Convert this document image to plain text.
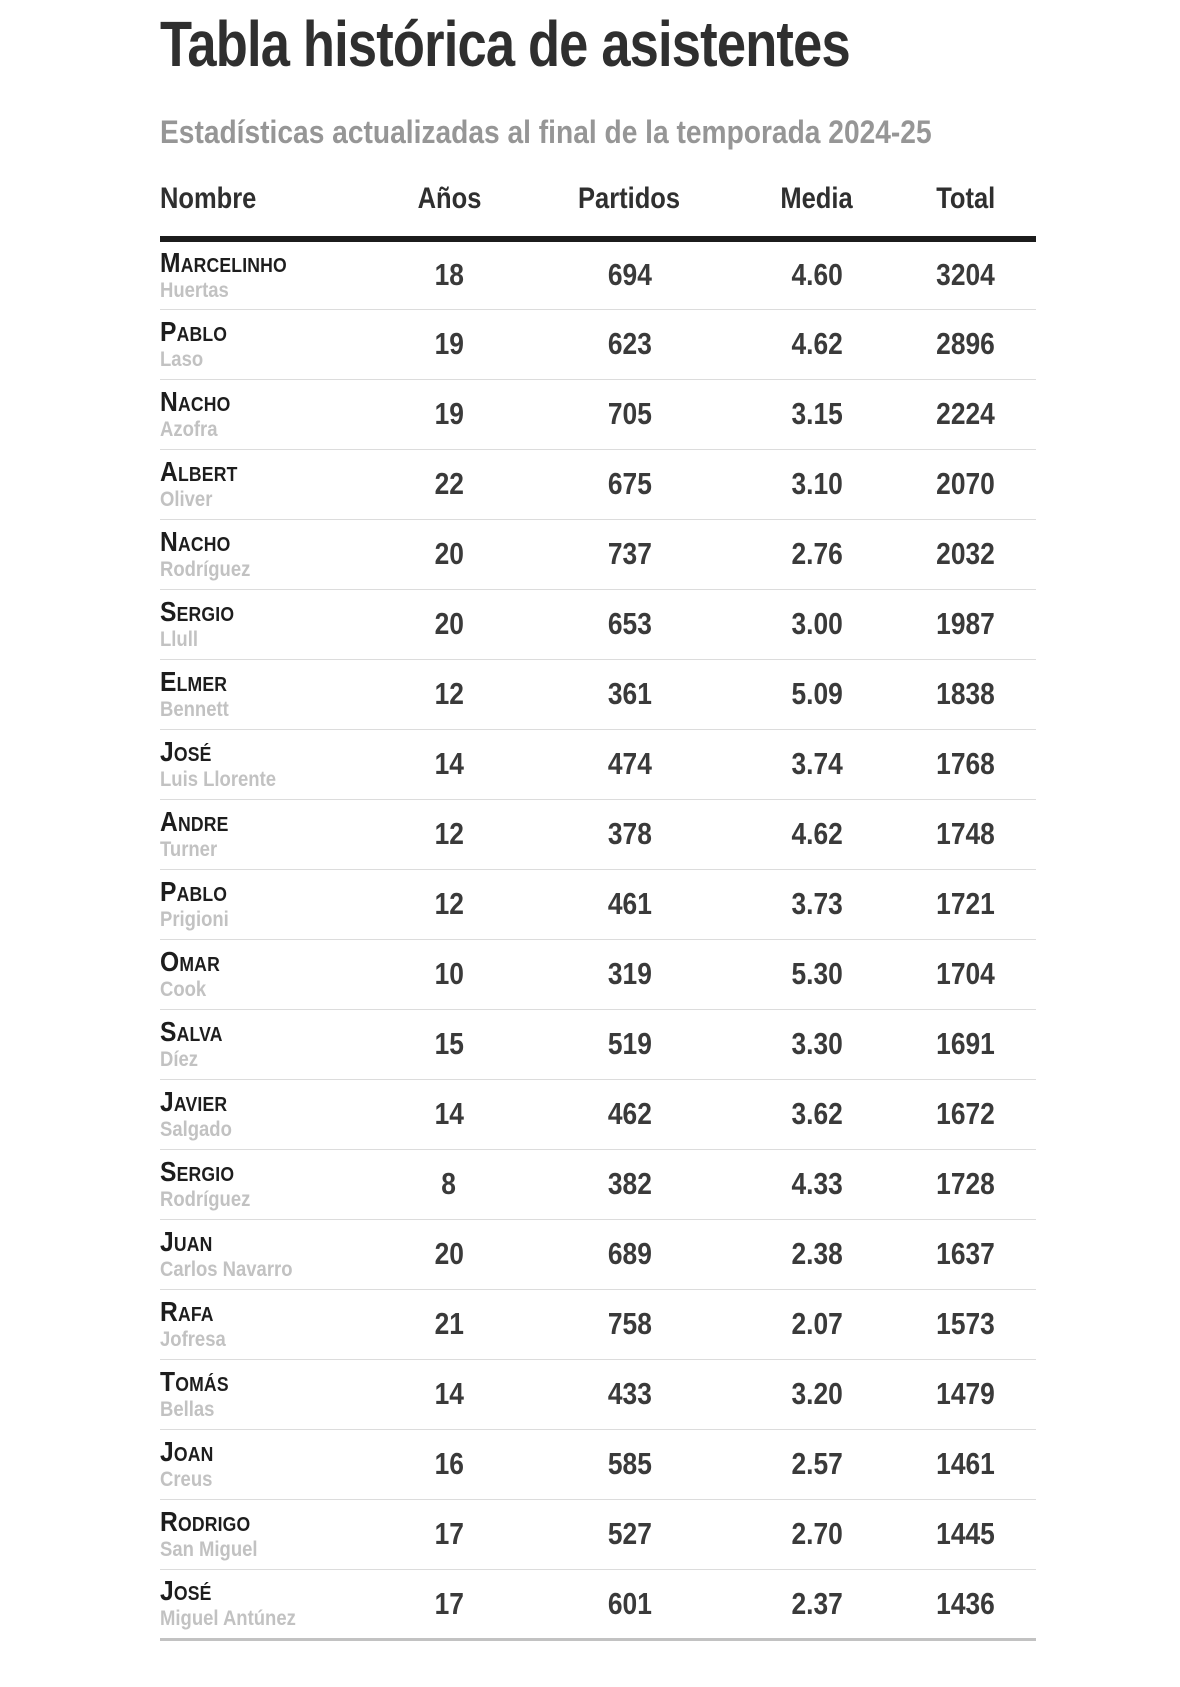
Tabla histórica de asistentes
Estadísticas actualizadas al final de la temporada 2024-25
Nombre	Años	Partidos	Media	Total

Marcelinho
Huertas	18	694	4.60	3204

Pablo
Laso	19	623	4.62	2896

Nacho
Azofra	19	705	3.15	2224

Albert
Oliver	22	675	3.10	2070

Nacho
Rodríguez	20	737	2.76	2032

Sergio
Llull	20	653	3.00	1987

Elmer
Bennett	12	361	5.09	1838

José
Luis Llorente	14	474	3.74	1768

Andre
Turner	12	378	4.62	1748

Pablo
Prigioni	12	461	3.73	1721

Omar
Cook	10	319	5.30	1704

Salva
Díez	15	519	3.30	1691

Javier
Salgado	14	462	3.62	1672

Sergio
Rodríguez	8	382	4.33	1728

Juan
Carlos Navarro	20	689	2.38	1637

Rafa
Jofresa	21	758	2.07	1573

Tomás
Bellas	14	433	3.20	1479

Joan
Creus	16	585	2.57	1461

Rodrigo
San Miguel	17	527	2.70	1445

José
Miguel Antúnez	17	601	2.37	1436
